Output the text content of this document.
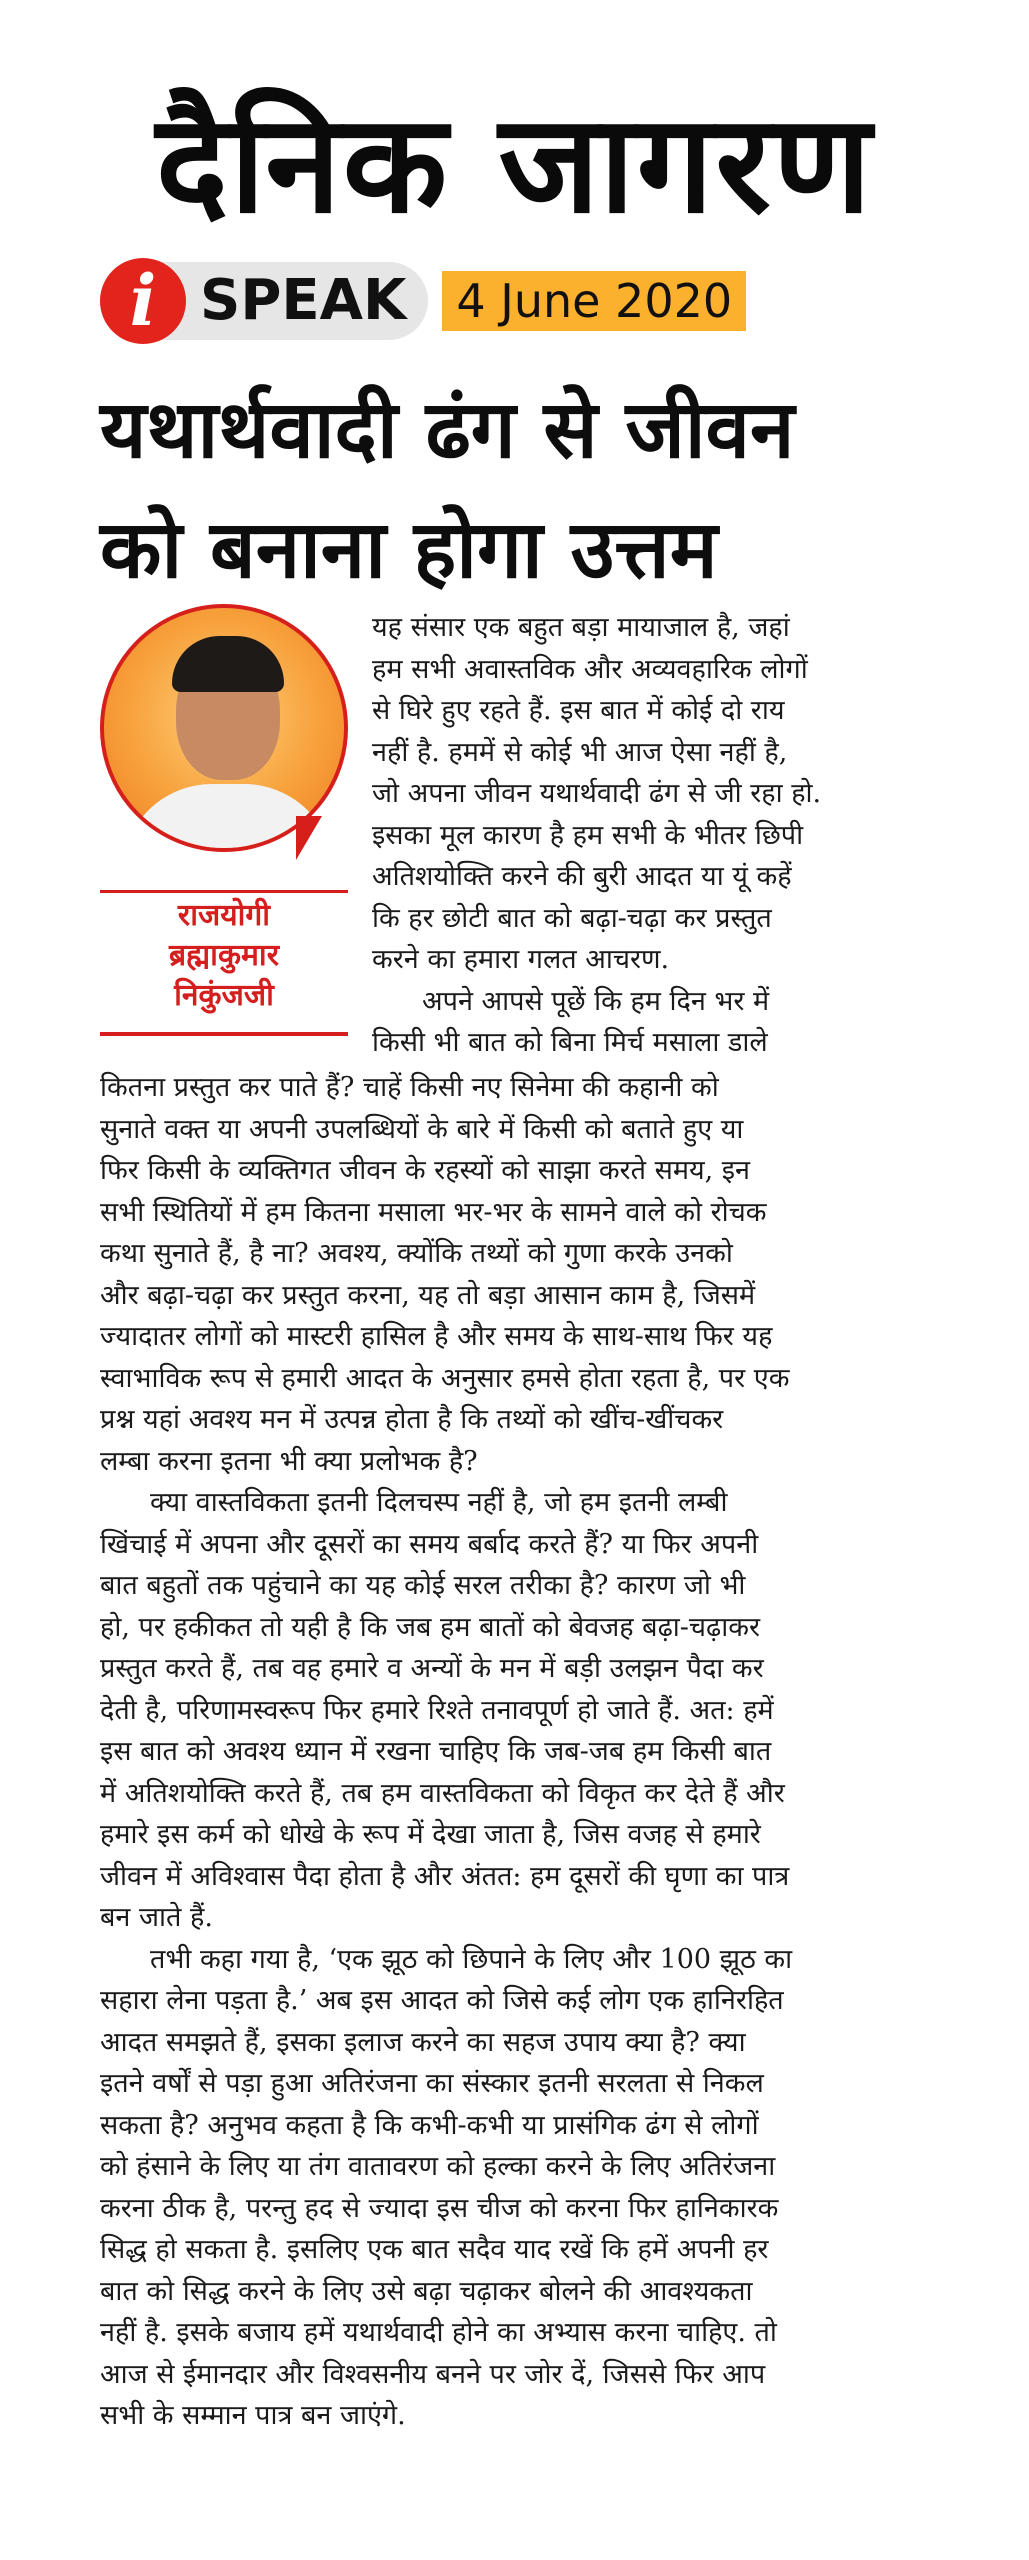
दैनिक जागरण
i SPEAK	4 June 2020
यथार्थवादी ढंग से जीवन
को बनाना होगा उत्तम
राजयोगी
ब्रह्माकुमार
निकुंजजी
यह संसार एक बहुत बड़ा मायाजाल है, जहां
हम सभी अवास्तविक और अव्यवहारिक लोगों
से घिरे हुए रहते हैं. इस बात में कोई दो राय
नहीं है. हममें से कोई भी आज ऐसा नहीं है,
जो अपना जीवन यथार्थवादी ढंग से जी रहा हो.
इसका मूल कारण है हम सभी के भीतर छिपी
अतिशयोक्ति करने की बुरी आदत या यूं कहें
कि हर छोटी बात को बढ़ा-चढ़ा कर प्रस्तुत
करने का हमारा गलत आचरण.
अपने आपसे पूछें कि हम दिन भर में
किसी भी बात को बिना मिर्च मसाला डाले
कितना प्रस्तुत कर पाते हैं? चाहें किसी नए सिनेमा की कहानी को
सुनाते वक्त या अपनी उपलब्धियों के बारे में किसी को बताते हुए या
फिर किसी के व्यक्तिगत जीवन के रहस्यों को साझा करते समय, इन
सभी स्थितियों में हम कितना मसाला भर-भर के सामने वाले को रोचक
कथा सुनाते हैं, है ना? अवश्य, क्योंकि तथ्यों को गुणा करके उनको
और बढ़ा-चढ़ा कर प्रस्तुत करना, यह तो बड़ा आसान काम है, जिसमें
ज्यादातर लोगों को मास्टरी हासिल है और समय के साथ-साथ फिर यह
स्वाभाविक रूप से हमारी आदत के अनुसार हमसे होता रहता है, पर एक
प्रश्न यहां अवश्य मन में उत्पन्न होता है कि तथ्यों को खींच-खींचकर
लम्बा करना इतना भी क्या प्रलोभक है?
क्या वास्तविकता इतनी दिलचस्प नहीं है, जो हम इतनी लम्बी
खिंचाई में अपना और दूसरों का समय बर्बाद करते हैं? या फिर अपनी
बात बहुतों तक पहुंचाने का यह कोई सरल तरीका है? कारण जो भी
हो, पर हकीकत तो यही है कि जब हम बातों को बेवजह बढ़ा-चढ़ाकर
प्रस्तुत करते हैं, तब वह हमारे व अन्यों के मन में बड़ी उलझन पैदा कर
देती है, परिणामस्वरूप फिर हमारे रिश्ते तनावपूर्ण हो जाते हैं. अत: हमें
इस बात को अवश्य ध्यान में रखना चाहिए कि जब-जब हम किसी बात
में अतिशयोक्ति करते हैं, तब हम वास्तविकता को विकृत कर देते हैं और
हमारे इस कर्म को धोखे के रूप में देखा जाता है, जिस वजह से हमारे
जीवन में अविश्वास पैदा होता है और अंतत: हम दूसरों की घृणा का पात्र
बन जाते हैं.
तभी कहा गया है, ‘एक झूठ को छिपाने के लिए और 100 झूठ का
सहारा लेना पड़ता है.’ अब इस आदत को जिसे कई लोग एक हानिरहित
आदत समझते हैं, इसका इलाज करने का सहज उपाय क्या है? क्या
इतने वर्षों से पड़ा हुआ अतिरंजना का संस्कार इतनी सरलता से निकल
सकता है? अनुभव कहता है कि कभी-कभी या प्रासंगिक ढंग से लोगों
को हंसाने के लिए या तंग वातावरण को हल्का करने के लिए अतिरंजना
करना ठीक है, परन्तु हद से ज्यादा इस चीज को करना फिर हानिकारक
सिद्ध हो सकता है. इसलिए एक बात सदैव याद रखें कि हमें अपनी हर
बात को सिद्ध करने के लिए उसे बढ़ा चढ़ाकर बोलने की आवश्यकता
नहीं है. इसके बजाय हमें यथार्थवादी होने का अभ्यास करना चाहिए. तो
आज से ईमानदार और विश्वसनीय बनने पर जोर दें, जिससे फिर आप
सभी के सम्मान पात्र बन जाएंगे.
